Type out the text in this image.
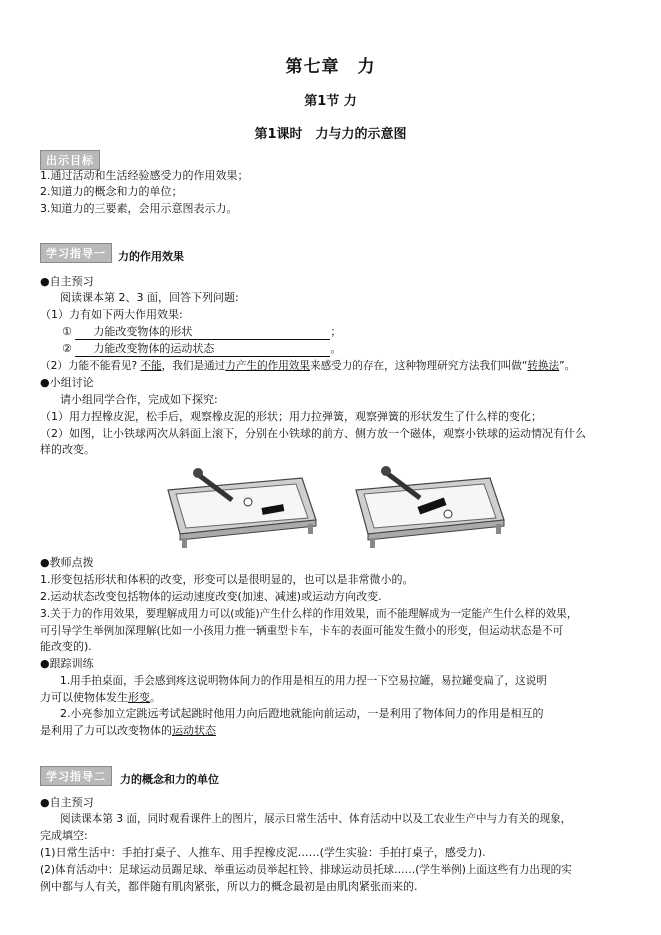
第七章　力
第1节 力
第1课时　力与力的示意图
出示目标
1.通过活动和生活经验感受力的作用效果；
2.知道力的概念和力的单位；
3.知道力的三要素，会用示意图表示力。
学习指导一	力的作用效果
●自主预习
阅读课本第 2、3 面，回答下列问题:
（1）力有如下两大作用效果:
① 力能改变物体的形状	；
② 力能改变物体的运动状态	。
（2）力能不能看见? 不能，我们是通过力产生的作用效果来感受力的存在，这种物理研究方法我们叫做“转换法”。
●小组讨论
请小组同学合作，完成如下探究:
（1）用力捏橡皮泥，松手后，观察橡皮泥的形状；用力拉弹簧，观察弹簧的形状发生了什么样的变化；
（2）如图，让小铁球两次从斜面上滚下，分别在小铁球的前方、侧方放一个磁体，观察小铁球的运动情况有什么
样的改变。
●教师点拨
1.形变包括形状和体积的改变，形变可以是很明显的，也可以是非常微小的。
2.运动状态改变包括物体的运动速度改变(加速、减速)或运动方向改变.
3.关于力的作用效果，要理解成用力可以(或能)产生什么样的作用效果，而不能理解成为一定能产生什么样的效果，
可引导学生举例加深理解(比如一小孩用力推一辆重型卡车，卡车的表面可能发生微小的形变，但运动状态是不可
能改变的).
●跟踪训练
1.用手拍桌面，手会感到疼这说明物体间力的作用是相互的用力捏一下空易拉罐，易拉罐变扁了，这说明
力可以使物体发生形变。
2.小亮参加立定跳远考试起跳时他用力向后蹬地就能向前运动，一是利用了物体间力的作用是相互的
是利用了力可以改变物体的运动状态
学习指导二	力的概念和力的单位
●自主预习
阅读课本第 3 面，同时观看课件上的图片，展示日常生活中、体育活动中以及工农业生产中与力有关的现象，
完成填空:
(1)日常生活中：手拍打桌子、人推车、用手捏橡皮泥……(学生实验：手拍打桌子，感受力).
(2)体育活动中：足球运动员踢足球、举重运动员举起杠铃、排球运动员托球……(学生举例)上面这些有力出现的实
例中都与人有关，都伴随有肌肉紧张，所以力的概念最初是由肌肉紧张而来的.
